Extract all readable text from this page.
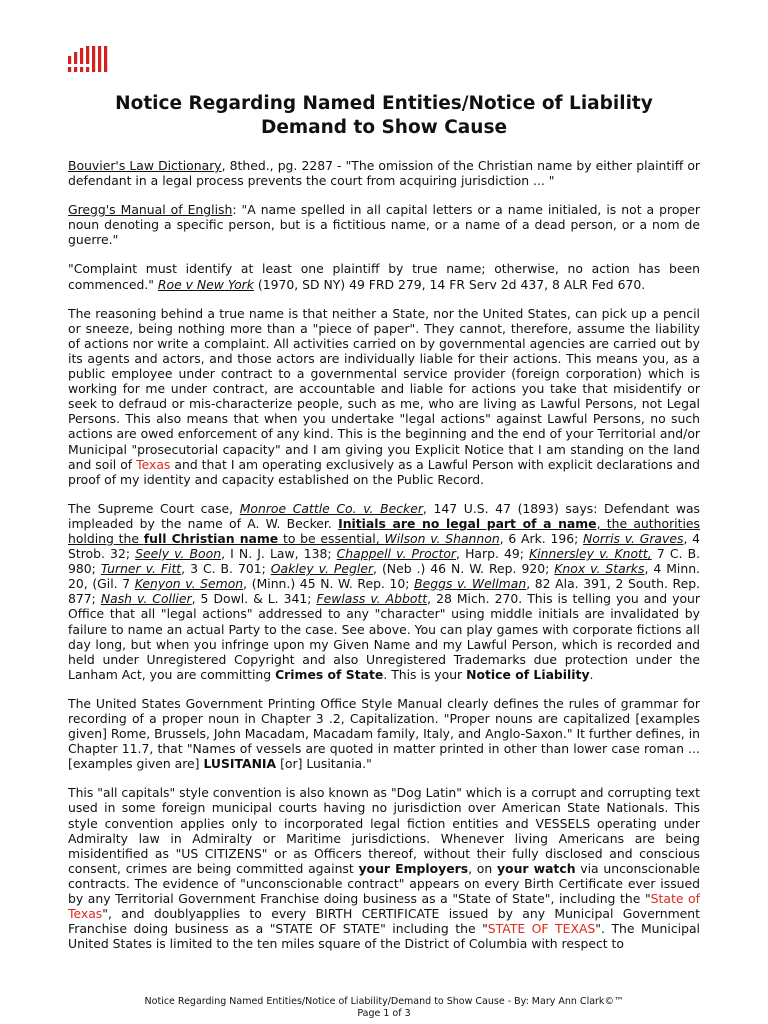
Notice Regarding Named Entities/Notice of Liability
Demand to Show Cause

Bouvier's Law Dictionary, 8thed., pg. 2287 - "The omission of the Christian name by either plaintiff or defendant in a legal process prevents the court from acquiring jurisdiction ... "

Gregg's Manual of English: "A name spelled in all capital letters or a name initialed, is not a proper noun denoting a specific person, but is a fictitious name, or a name of a dead person, or a nom de guerre."

"Complaint must identify at least one plaintiff by true name; otherwise, no action has been commenced." Roe v New York (1970, SD NY) 49 FRD 279, 14 FR Serv 2d 437, 8 ALR Fed 670.

The reasoning behind a true name is that neither a State, nor the United States, can pick up a pencil or sneeze, being nothing more than a "piece of paper". They cannot, therefore, assume the liability of actions nor write a complaint. All activities carried on by governmental agencies are carried out by its agents and actors, and those actors are individually liable for their actions. This means you, as a public employee under contract to a governmental service provider (foreign corporation) which is working for me under contract, are accountable and liable for actions you take that misidentify or seek to defraud or mis-characterize people, such as me, who are living as Lawful Persons, not Legal Persons. This also means that when you undertake "legal actions" against Lawful Persons, no such actions are owed enforcement of any kind. This is the beginning and the end of your Territorial and/or Municipal "prosecutorial capacity" and I am giving you Explicit Notice that I am standing on the land and soil of Texas and that I am operating exclusively as a Lawful Person with explicit declarations and proof of my identity and capacity established on the Public Record.

The Supreme Court case, Monroe Cattle Co. v. Becker, 147 U.S. 47 (1893) says: Defendant was impleaded by the name of A. W. Becker. Initials are no legal part of a name, the authorities holding the full Christian name to be essential, Wilson v. Shannon, 6 Ark. 196; Norris v. Graves, 4 Strob. 32; Seely v. Boon, I N. J. Law, 138; Chappell v. Proctor, Harp. 49; Kinnersley v. Knott, 7 C. B. 980; Turner v. Fitt, 3 C. B. 701; Oakley v. Pegler, (Neb .) 46 N. W. Rep. 920; Knox v. Starks, 4 Minn. 20, (Gil. 7 Kenyon v. Semon, (Minn.) 45 N. W. Rep. 10; Beggs v. Wellman, 82 Ala. 391, 2 South. Rep. 877; Nash v. Collier, 5 Dowl. & L. 341; Fewlass v. Abbott, 28 Mich. 270. This is telling you and your Office that all "legal actions" addressed to any "character" using middle initials are invalidated by failure to name an actual Party to the case. See above. You can play games with corporate fictions all day long, but when you infringe upon my Given Name and my Lawful Person, which is recorded and held under Unregistered Copyright and also Unregistered Trademarks due protection under the Lanham Act, you are committing Crimes of State. This is your Notice of Liability.

The United States Government Printing Office Style Manual clearly defines the rules of grammar for recording of a proper noun in Chapter 3 .2, Capitalization. "Proper nouns are capitalized [examples given] Rome, Brussels, John Macadam, Macadam family, Italy, and Anglo-Saxon." It further defines, in Chapter 11.7, that "Names of vessels are quoted in matter printed in other than lower case roman ... [examples given are] LUSITANIA [or] Lusitania."

This "all capitals" style convention is also known as "Dog Latin" which is a corrupt and corrupting text used in some foreign municipal courts having no jurisdiction over American State Nationals. This style convention applies only to incorporated legal fiction entities and VESSELS operating under Admiralty law in Admiralty or Maritime jurisdictions. Whenever living Americans are being misidentified as "US CITIZENS" or as Officers thereof, without their fully disclosed and conscious consent, crimes are being committed against your Employers, on your watch via unconscionable contracts. The evidence of "unconscionable contract" appears on every Birth Certificate ever issued by any Territorial Government Franchise doing business as a "State of State", including the "State of Texas", and doublyapplies to every BIRTH CERTIFICATE issued by any Municipal Government Franchise doing business as a "STATE OF STATE" including the "STATE OF TEXAS". The Municipal United States is limited to the ten miles square of the District of Columbia with respect to

Notice Regarding Named Entities/Notice of Liability/Demand to Show Cause - By: Mary Ann Clark©™
Page 1 of 3
